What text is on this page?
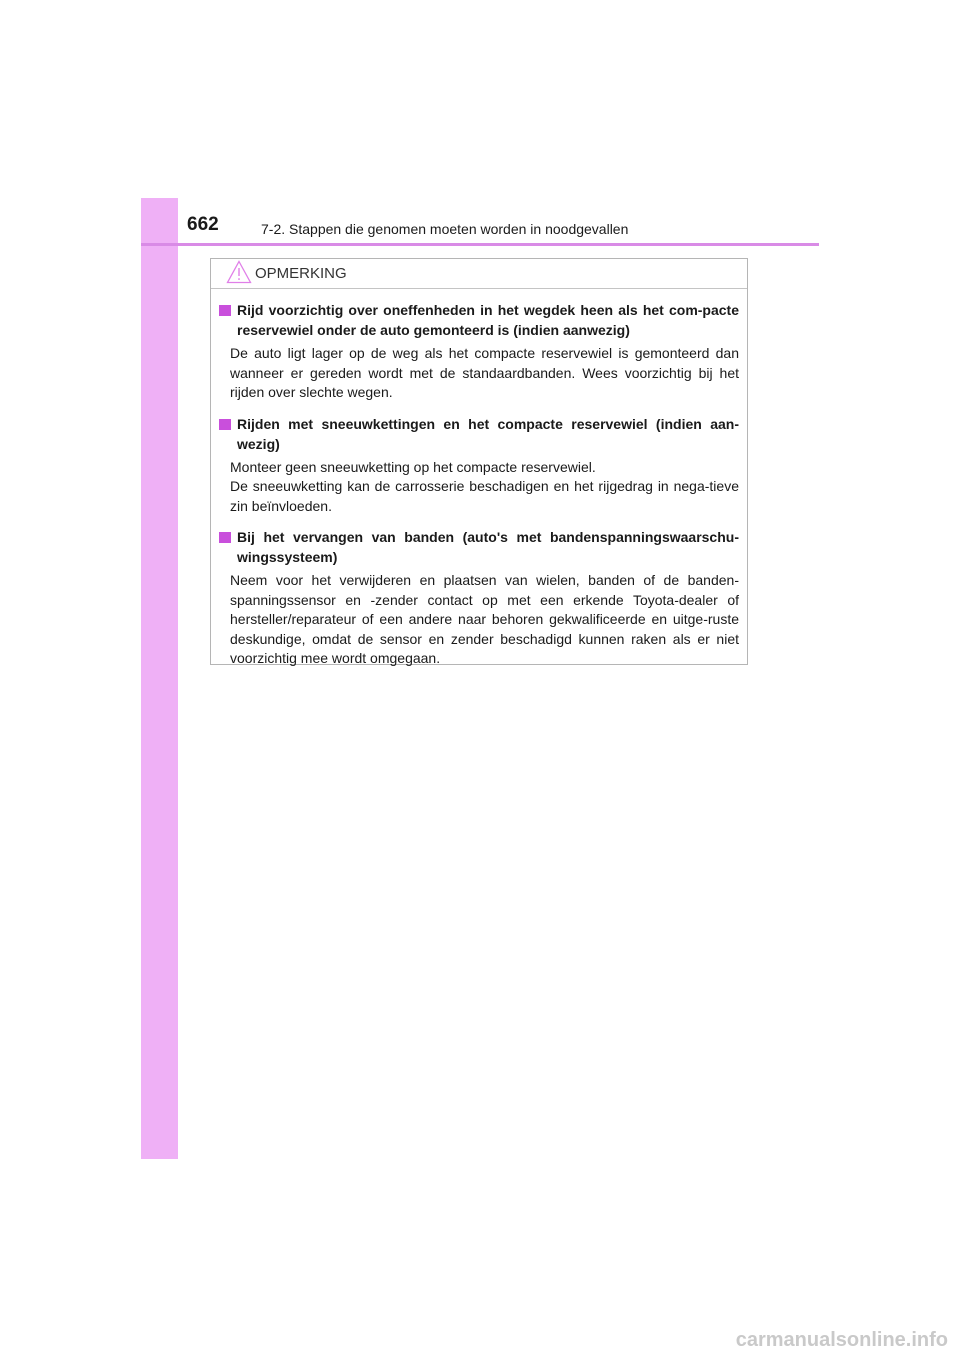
662	7-2. Stappen die genomen moeten worden in noodgevallen
OPMERKING
Rijd voorzichtig over oneffenheden in het wegdek heen als het com-pacte reservewiel onder de auto gemonteerd is (indien aanwezig)

De auto ligt lager op de weg als het compacte reservewiel is gemonteerd dan wanneer er gereden wordt met de standaardbanden. Wees voorzichtig bij het rijden over slechte wegen.

Rijden met sneeuwkettingen en het compacte reservewiel (indien aan-wezig)

Monteer geen sneeuwketting op het compacte reservewiel.

De sneeuwketting kan de carrosserie beschadigen en het rijgedrag in nega-tieve zin beïnvloeden.

Bij het vervangen van banden (auto's met bandenspanningswaarschu-wingssysteem)

Neem voor het verwijderen en plaatsen van wielen, banden of de banden-spanningssensor en -zender contact op met een erkende Toyota-dealer of hersteller/reparateur of een andere naar behoren gekwalificeerde en uitge-ruste deskundige, omdat de sensor en zender beschadigd kunnen raken als er niet voorzichtig mee wordt omgegaan.

carmanualsonline.info
